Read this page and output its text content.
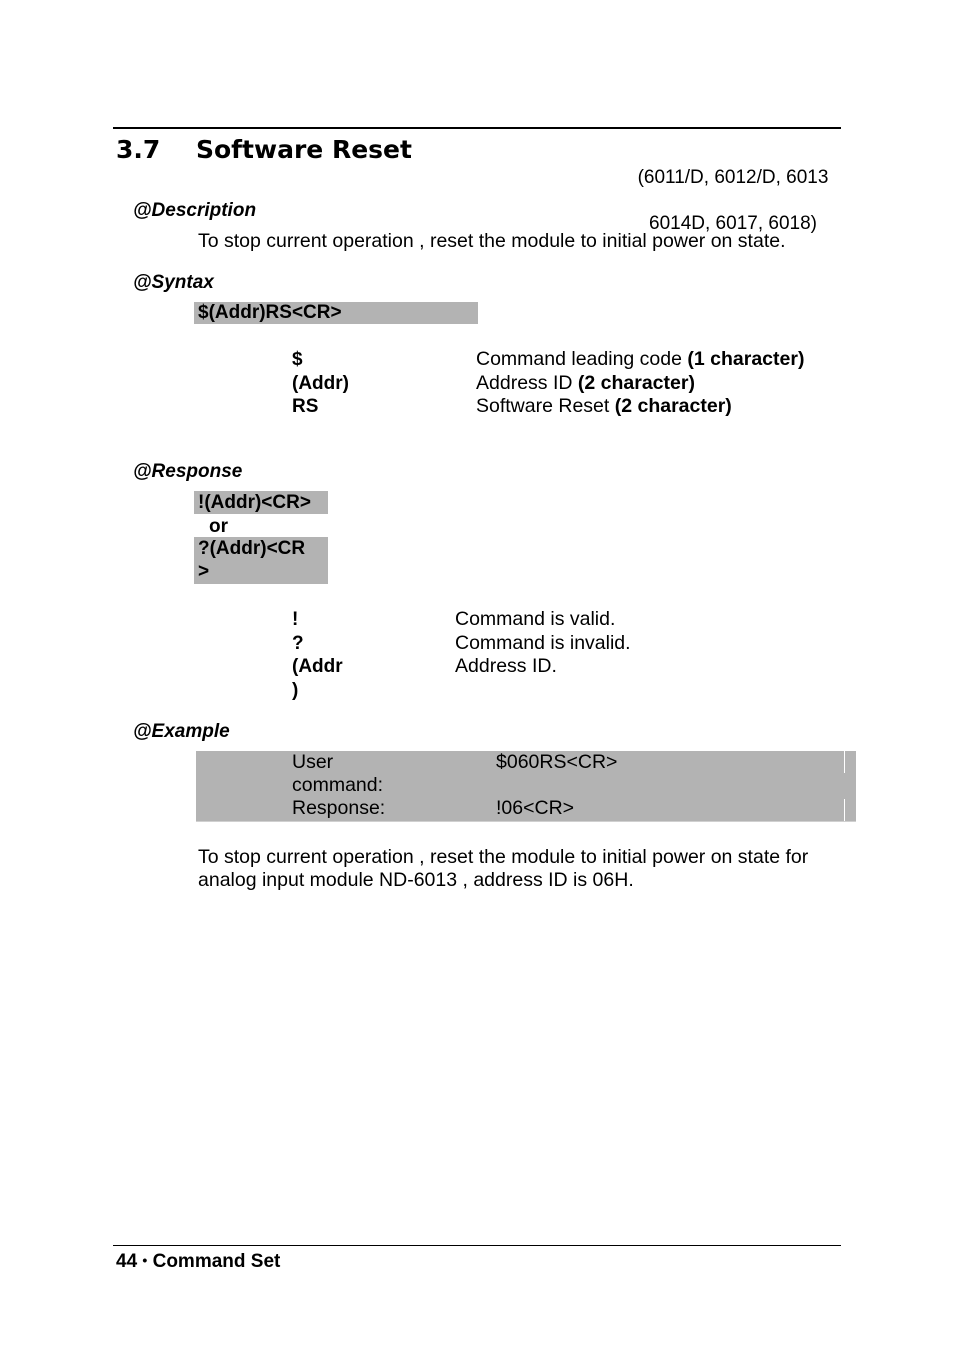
3.7 Software Reset

(6011/D, 6012/D, 6013

6014D, 6017, 6018)

@Description
To stop current operation , reset the module to initial power on state.
@Syntax
$(Addr)RS<CR>
$
(Addr)
RS
Command leading code (1 character)
Address ID (2 character)
Software Reset (2 character)
@Response
!(Addr)<CR>
or
?(Addr)<CR
>
!
?
(Addr
)
Command is valid.
Command is invalid.
Address ID.
@Example
User
command:
Response:
$060RS<CR>
!06<CR>
To stop current operation , reset the module to initial power on state for
analog input module ND-6013 , address ID is 06H.
44 • Command Set
